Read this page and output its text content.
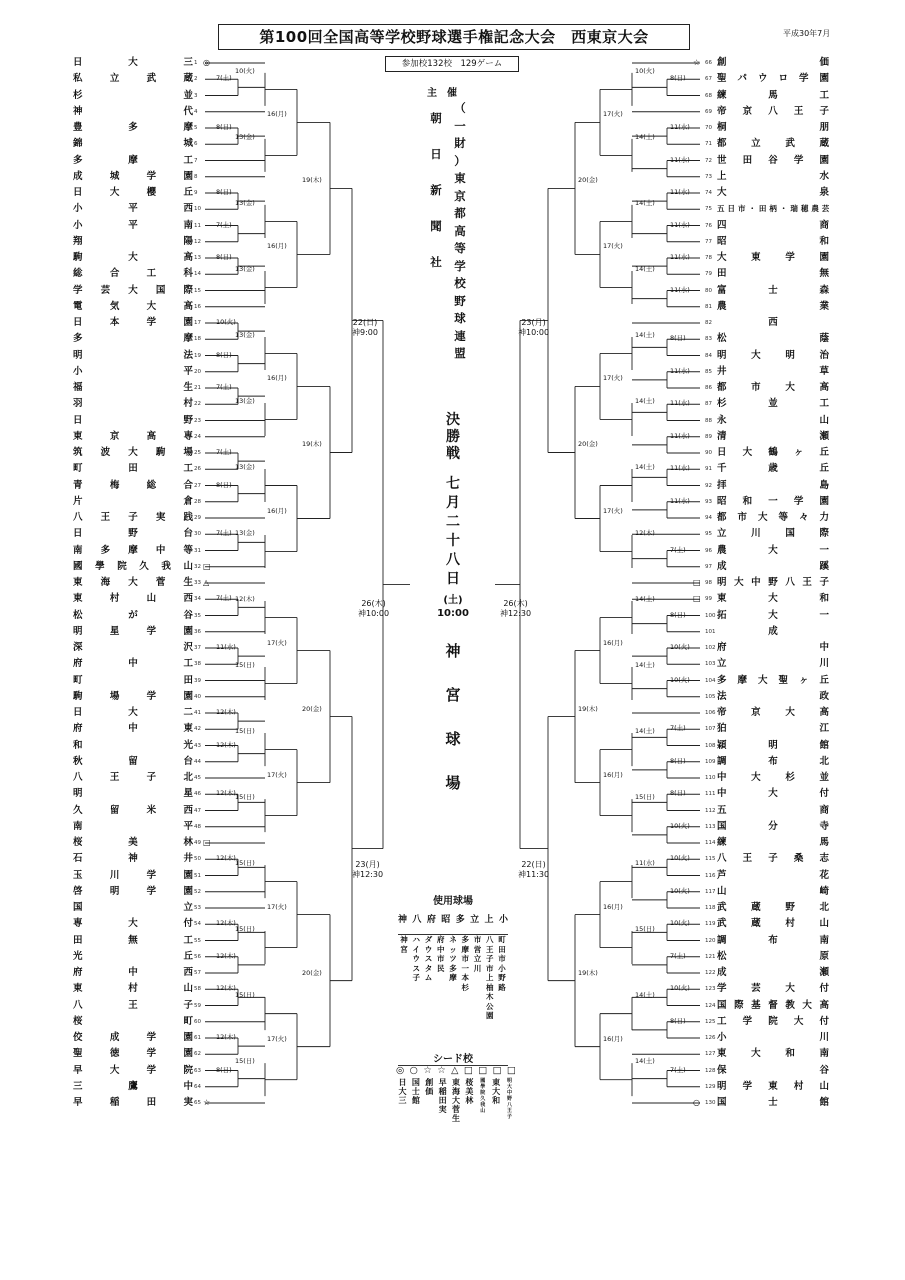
第100回全国高等学校野球選手権記念大会　西東京大会	平成30年7月
参加校132校　129ゲーム
7(土)
8(日)
8(日)
7(土)
8(日)
10(火)
8(日)
7(土)
7(土)
8(日)
7(土)
7(土)
11(水)
12(木)
12(木)
12(木)
12(木)
12(木)
12(木)
12(木)
12(木)
8(日)
8(日)
11(水)
11(水)
11(水)
11(水)
11(水)
11(水)
8(日)
11(水)
11(水)
11(水)
11(水)
11(水)
7(土)
8(日)
10(火)
10(火)
7(土)
8(日)
8(日)
10(火)
10(火)
10(火)
10(火)
7(土)
10(火)
8(日)
7(土)
10(火)
13(金)
13(金)
13(金)
13(金)
13(金)
13(金)
13(金)
12(木)
15(日)
15(日)
15(日)
15(日)
15(日)
15(日)
15(日)
16(月)
16(月)
16(月)
16(月)
17(火)
17(火)
17(火)
17(火)
19(木)
19(木)
20(金)
20(金)
10(火)
14(土)
14(土)
14(土)
14(土)
14(土)
14(土)
12(木)
14(土)
14(土)
14(土)
15(日)
11(水)
15(日)
14(土)
14(土)
17(火)
17(火)
17(火)
17(火)
16(月)
16(月)
16(月)
16(月)
20(金)
20(金)
19(木)
19(木)
日大三 1 ◎
私立武蔵 2
杉並 3
神代 4
豊多摩 5
錦城 6
多摩工 7
成城学園 8
日大櫻丘 9
小平西 10
小平南 11
翔陽 12
駒大高 13
総合工科 14
学芸大国際 15
電気大高 16
日本学園 17
多摩 18
明法 19
小平 20
福生 21
羽村 22
日野 23
東京高専 24
筑波大駒場 25
町田工 26
青梅総合 27
片倉 28
八王子実践 29
日野台 30
南多摩中等 31
國學院久我山 32 □
東海大菅生 33 △
東村山西 34
松が谷 35
明星学園 36
深沢 37
府中工 38
町田 39
駒場学園 40
日大二 41
府中東 42
和光 43
秋留台 44
八王子北 45
明星 46
久留米西 47
南平 48
桜美林 49 □
石神井 50
玉川学園 51
啓明学園 52
国立 53
専大付 54
田無工 55
光丘 56
府中西 57
東村山 58
八王子 59
桜町 60
佼成学園 61
聖徳学園 62
早大学院 63
三鷹中 64
早稲田実 65 ☆
創価
66
☆
聖パウロ学園
67
練馬工
68
帝京八王子
69
桐朋
70
都立武蔵
71
世田谷学園
72
上水
73
大泉
74
五日市・田柄・瑞穂農芸
75
四商
76
昭和
77
大東学園
78
田無
79
富士森
80
農業
81
西
82
松蔭
83
明大明治
84
井草
85
都市大高
86
杉並工
87
永山
88
清瀬
89
日大鶴ヶ丘
90
千歳丘
91
拝島
92
昭和一学園
93
都市大等々力
94
立川国際
95
農大一
96
成蹊
97
明大中野八王子
98
□
東大和
99
□
拓大一
100
成
101
府中
102
立川
103
多摩大聖ヶ丘
104
法政
105
帝京大高
106
狛江
107
穎明館
108
調布北
109
中大杉並
110
中大付
111
五商
112
国分寺
113
練馬
114
八王子桑志
115
芦花
116
山崎
117
武蔵野北
118
武蔵村山
119
調布南
120
松原
121
成瀬
122
学芸大付
123
国際基督教大高
124
工学院大付
125
小川
126
東大和南
127
保谷
128
明学東村山
129
国士館
130
○
主　催
朝
日
新
聞
社
（
一
財
）
東
京
都
高
等
学
校
野
球
連
盟
決
勝
戦
七
月
二
十
八
日
(土)
10:00
神
宮
球
場
26(木)
神10:00
26(木)
神12:30
22(日)
神9:00
23(月)
神12:30
23(月)
神10:00
22(日)
神11:30
使用球場
神 八 府 昭 多 立 上 小
神
宮
ハ
イ
ウ
ス
子
ダ
ウ
ス
タ
ム
府
中
市
民
ネ
ッ
ツ
多
摩
多
摩
市
一
本
杉
市
営
立
川
八
王
子
市
上
柚
木
公
園
町
田
市
小
野
路
シード校
◎ ○ ☆ ☆ △ □ □ □ □
日
大
三
国
士
館
創
価
早
稲
田
実
東
海
大
菅
生
桜
美
林
國
學
院
久
我
山
東
大
和
明
大
中
野
八
王
子
